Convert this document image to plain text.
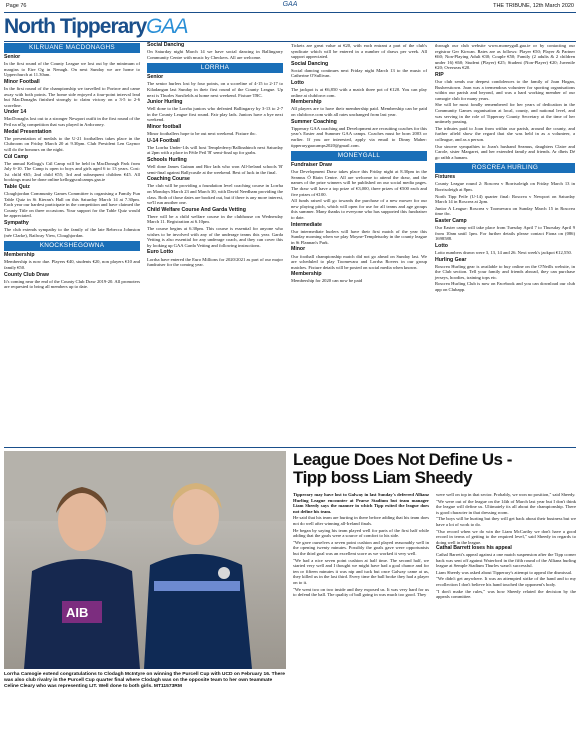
Page 76	GAA	THE TRIBUNE, 12th March 2020
North TipperaryGAA
KILRUANE MACDONAGHS
Senior

In the first round of the County League we lost out by the minimum of margins to Eire Og in Nenagh. On next Sunday we are home to Upperchurch at 11.30am.

Minor Football

In the first round of the championship we travelled to Portroe and came away with both points. The home side enjoyed a four-point interval lead but MacDonaghs finished strongly to claim victory on a 3-5 to 2-6 scoreline.

Under 14

MacDonaghs lost out to a stronger Newport outfit in the first round of the Peil na nÓg competition that was played in Ardcroney.

Medal Presentation

The presentation of medals to the U-21 footballers takes place in the Clubroom on Friday March 20 at 9.30pm. Club President Len Gaynor will do the honours on the night.

Cúl Camp

The annual Kellogg's Cúl Camp will be held in MacDonagh Park from July 6-10. The Camp is open to boys and girls aged 6 to 13 years. Cost: 1st child €65; 2nd child €55; 3rd and subsequent children €45. All bookings must be done online kelloggsculcamps.gaa.ie

Table Quiz

Cloughjordan Community Games Committee is organising a Family Fun Table Quiz in St Kieran's Hall on this Saturday March 14 at 7.30pm. Each year our hardest participate in the competition and have claimed the County Title on three occasions. Your support for the Table Quiz would be appreciated.

Sympathy

The club extends sympathy to the family of the late Rebecca Johnston (née Clarke), Railway View, Cloughjordan.

KNOCKSHEGOWNA
Membership

Membership is now due. Players €40, students €20, non players €10 and family €50.

County Club Draw

It's coming near the end of the County Club Draw 2019-20. All promoters are requested to bring all members up to date.

Social Dancing

On Saturday night March 14 we have social dancing in Ballingarry Community Centre with music by Checkers. All are welcome.

LORRHA
Senior

The senior hurlers lost by four points, on a scoreline of 4-15 to 2-17 to Kiladangan last Sunday in their first round of the County League. Up next is Thurles Sarsfields at home next weekend. Fixture TBC.

Junior Hurling

Well done to the Lorrha juniors who defeated Ballingarry by 3-13 to 2-7 in the County League first round. Fair play lads. Juniors have a bye next weekend.

Minor football

Minor footballers hope to be out next weekend. Fixture tbc.

U-14 Football

The Lorrha Under-14s will host Templederry/Ballinahinch next Saturday at 2pm with a place in Féile Peil 'B' semi-final up for grabs.

Schools Hurling

Well done James Guinan and Birr lads who won All-Ireland schools 'B' semi-final against Ballycastle at the weekend. Best of luck in the final.

Coaching Course

The club will be providing a foundation level coaching course in Lorrha on Mondays March 23 and March 30, with David Needham providing the class. Both of those dates are booked out, but if there is any more interest, we'll run another one.

Child Welfare Course And Garda Vetting

There will be a child welfare course in the clubhouse on Wednesday March 11. Registration at 6.10pm.

The course begins at 6.30pm. This course is essential for anyone who wishes to be involved with any of the underage teams this year. Garda Vetting is also essential for any underage coach, and they can cover this by looking up GAA Garda Vetting and following instructions.

Euro Lotto

Lorrha have entered the Euro Millions for 2020/2021 as part of our major fundraiser for the coming year.

Tickets are great value at €20, with each entrant a part of the club's syndicate which will be entered in a number of draws per week. All support appreciated.

Social Dancing

Social dancing continues next Friday night March 13 to the music of Catherine O'Sullivan.

Lotto

The jackpot is at €6,850 with a match three pot of €120. You can play online at clubforce.com.

Membership

All players are to have their membership paid. Membership can be paid on clubforce.com with all rates unchanged from last year.

Summer Coaching

Tipperary GAA coaching and Development are recruiting coaches for this year's Easter and Summer GAA camps. Coaches must be born 2003 or earlier. If you are interested, apply via email to Dinny Maher: tipperarygaacamps2020@gmail.com.

MONEYGALL
Fundraiser Draw

Our Development Draw takes place this Friday night at 8.30pm in the Seamus Ó Riain Centre. All are welcome to attend the draw, and the names of the prize winners will be published on our social media pages. The draw will have a top prize of €3,000, three prizes of €500 each and five prizes of €100.

All funds raised will go towards the purchase of a new mower for our new playing pitch, which will open for use for all teams and age groups this summer. Many thanks to everyone who has supported this fundraiser to date.

Intermediate

Our intermediate hurlers will have their first match of the year this Sunday morning when we play Moyne-Templetuohy in the county league in St Flannan's Park.

Minor

Our football championship match did not go ahead on Sunday last. We are scheduled to play Toomevara and Lorrha Rovers in our group matches. Fixture details will be posted on social media when known.

Membership

Membership for 2020 can now be paid

through our club website www.moneygall.gaa.ie or by contacting our registrar Ger Kirwan. Rates are as follows: Player €50; Player & Partner €60; Non-Playing Adult €30; Couple €50; Family (2 adults & 2 children under 16) €60; Student (Player) €25; Student (Non-Player) €20; Juvenile €20; Overseas €20.

RIP

Our club sends our deepest condolences to the family of Joan Hogan, Bushersttown. Joan was a tremendous volunteer for sporting organisations within our parish and beyond, and was a hard working member of our camogie club for many years.

She will be most fondly remembered for her years of dedication in the Community Games organisation at local, county, and national level, and was serving in the role of Tipperary County Secretary at the time of her untimely passing.

The tributes paid to Joan from within our parish, around the county, and further afield show the regard that she was held in as a volunteer, a colleague, and as a person.

Our sincere sympathies to Joan's husband Seamus, daughters Claire and Carole, sister Margaret, and her extended family and friends. Ar dheis Dé go raibh a hanam.

ROSCREA HURLING
Fixtures

County League round 2: Roscrea v Borrisoleigh on Friday March 13 in Borrisoleigh at 8pm.

North Tipp Feile (U-14) quarter final: Roscrea v Newport on Saturday March 14 in Roscrea at 2pm.

Junior A League: Roscrea v Toomevara on Sunday March 15 in Roscrea time tbc.

Easter Camp

Our Easter camp will take place from Tuesday April 7 to Thursday April 9 from 10am until 1pm. For further details please contact Fiona on (086) 1698588.

Lotto

Lotto numbers drawn were 3, 13, 14 and 26. Next week's jackpot €12,550.

Hurling Gear

Roscrea Hurling gear is available to buy online on the O'Neills website, in the Club section. Tell your family and friends abroad, they can purchase jerseys, hoodies, training tops etc.

Roscrea Hurling Club is now on Facebook and you can download our club app on Clubapp.

AIB
Lorrha Camogie extend congratulations to Clodagh McIntyre on winning the Purcell Cup with UCD on February 16. There was also club rivalry in the Purcell Cup quarter final where Clodagh was on the opposite team to her own teammate Celine Cleary who was representing LIT. Well done to both girls. MT11573RM
League Does Not Define Us -
Tipp boss Liam Sheedy

Tipperary may have lost to Galway in last Sunday's deferred Allianz Hurling League encounter at Pearse Stadium but team manager Liam Sheedy says the manner in which Tipp exited the league does not define his team.

He said that his team are hurting in there before adding that his team does not do well after winning all-Ireland finals.

He began by saying his team played well for parts of the first half while adding that the goals were a source of comfort to his side.

"We gave ourselves a seven point cushion and played reasonably well in the opening twenty minutes. Possibly the goals gave were opportunists but the third goal was an excellent score as we worked it very well.

"We had a nice seven point cushion at half time. The second half, we started very well and I thought we might have had a goal chance and for ten or fifteen minutes it was nip and tuck but once Galway came at us, they killed us in the last third. Every time the ball broke they had a player on to it.

"We went two on two inside and they exposed us. It was very hard for us to defend the ball. The quality of ball going in was much too good. They

were well on top in that sector. Probably, we won no position," said Sheedy.

"We were out of the league on the 14th of March last year but I don't think the league will define us. Ultimately its all about the championship. There is good character in that dressing room.

"The boys will be hurting but they will get back about their business but we have a lot of work to do.

"Our record when we do win the Liam McCarthy we don't have a good record in terms of getting to the required level," said Sheedy in regards to doing well in the league.

Cathal Barrett loses his appeal

Cathal Barrett's appeal against a one match suspension after the Tipp corner back was sent off against Waterford in the fifth round of the Allianz hurling league at Semple Stadium Thurles wasn't successful.

Liam Sheedy was asked about Tipperary's attempt to appeal the dismissal.

"We didn't get anywhere. It was an attempted strike of the hand and to my recollection I don't believe his hand touched the opponent's body.

"I don't make the rules," was how Sheedy related the decision by the appeals committee.
